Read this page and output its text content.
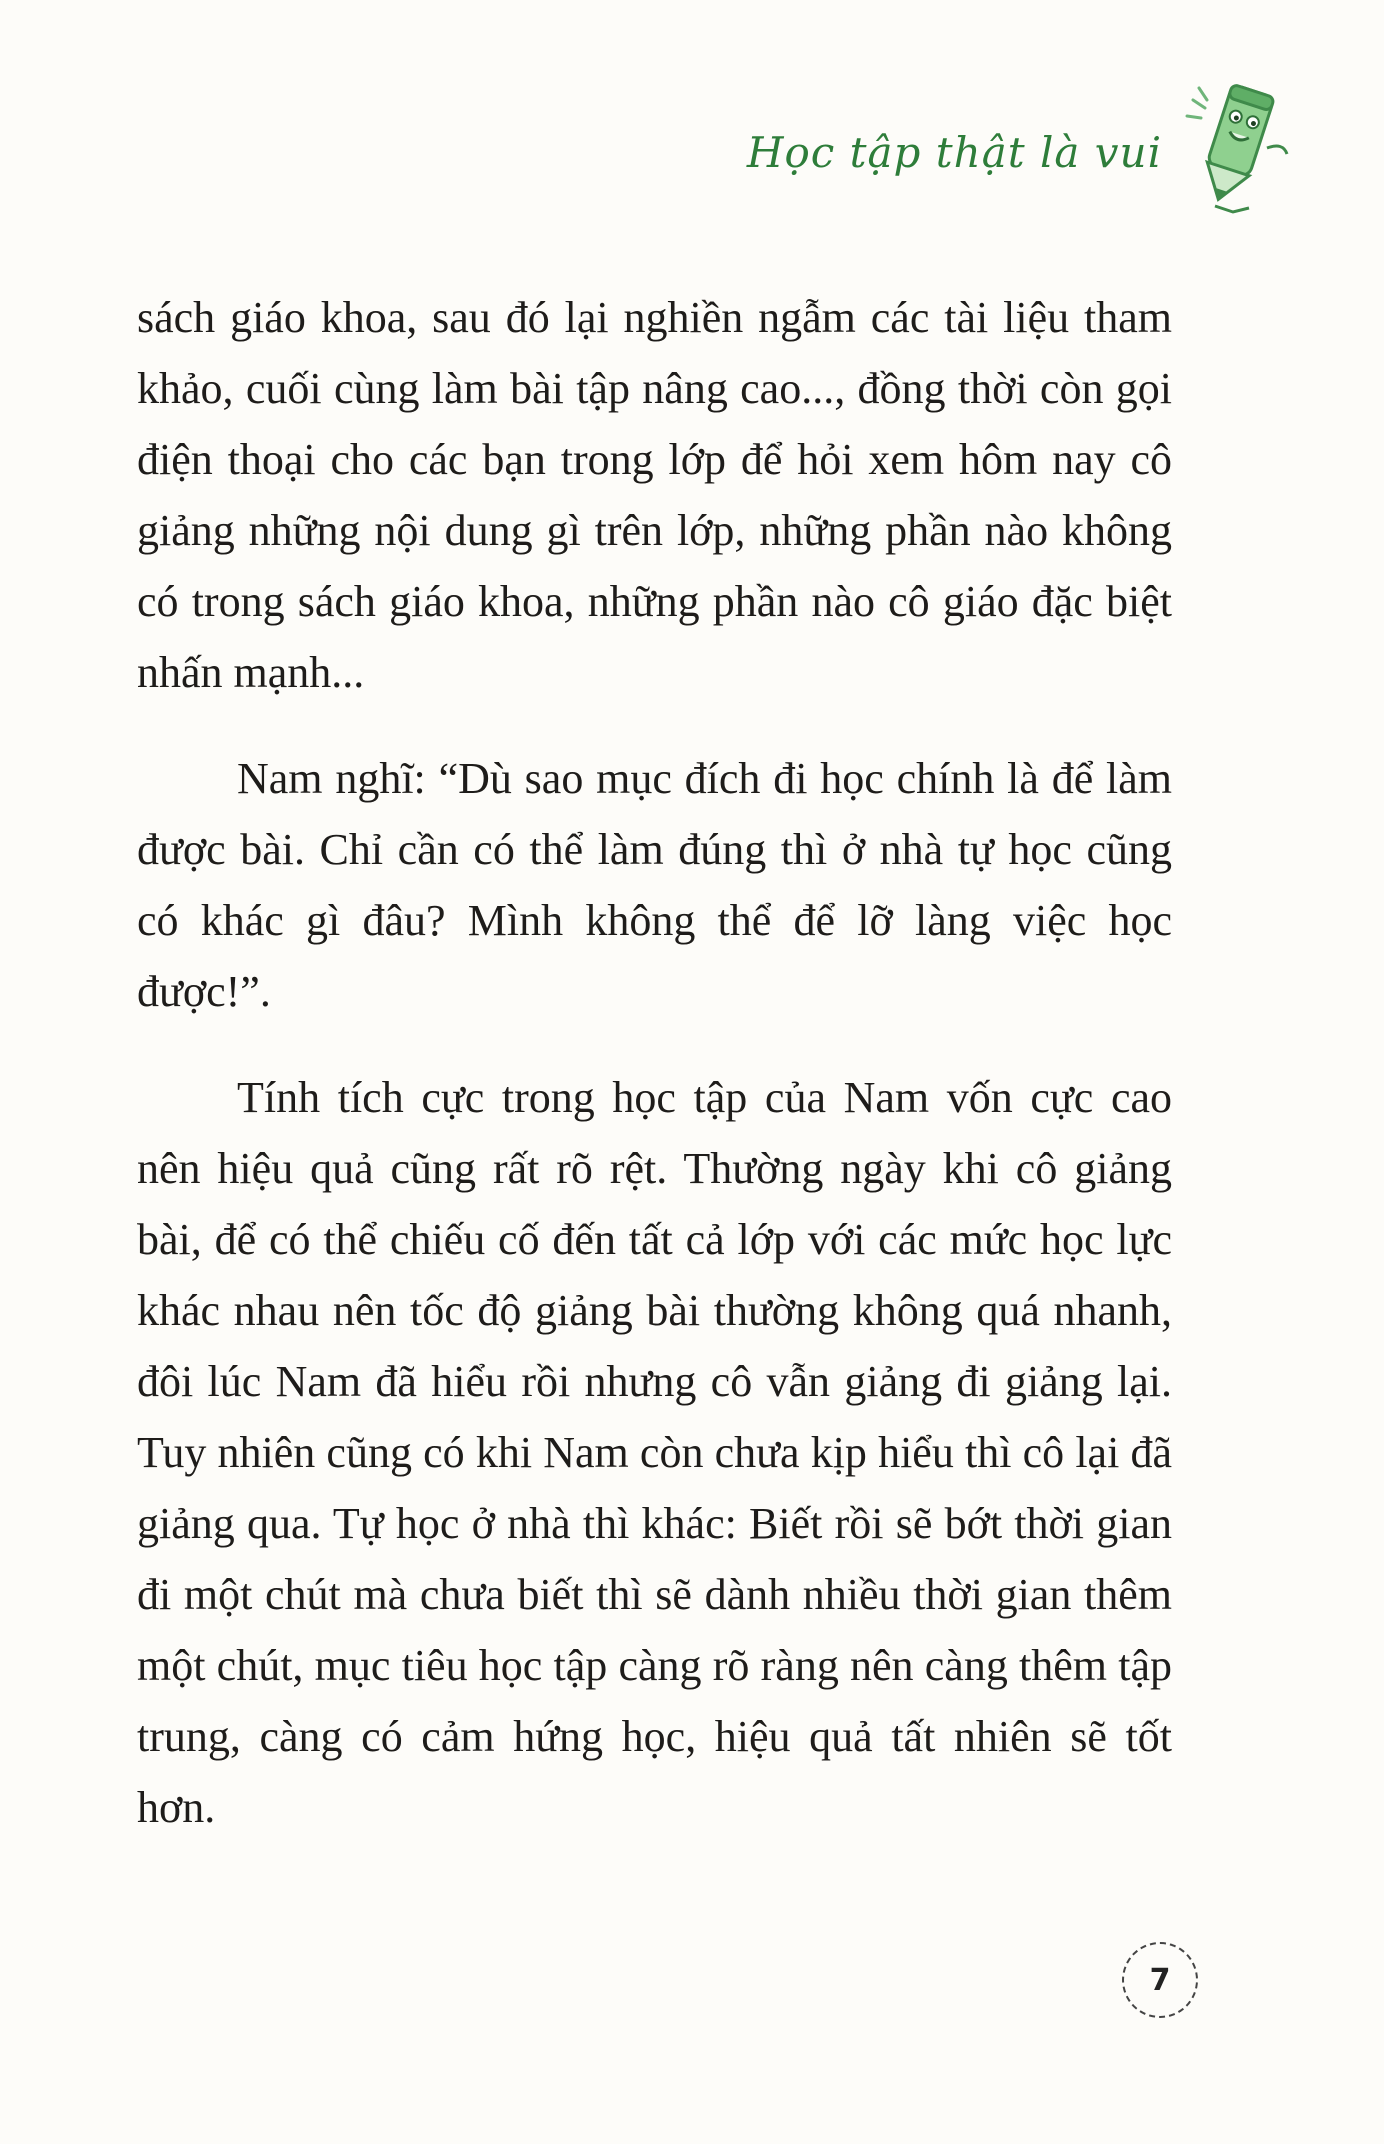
Học tập thật là vui

sách giáo khoa, sau đó lại nghiền ngẫm các tài liệu tham khảo, cuối cùng làm bài tập nâng cao..., đồng thời còn gọi điện thoại cho các bạn trong lớp để hỏi xem hôm nay cô giảng những nội dung gì trên lớp, những phần nào không có trong sách giáo khoa, những phần nào cô giáo đặc biệt nhấn mạnh...

Nam nghĩ: “Dù sao mục đích đi học chính là để làm được bài. Chỉ cần có thể làm đúng thì ở nhà tự học cũng có khác gì đâu? Mình không thể để lỡ làng việc học được!”.

Tính tích cực trong học tập của Nam vốn cực cao nên hiệu quả cũng rất rõ rệt. Thường ngày khi cô giảng bài, để có thể chiếu cố đến tất cả lớp với các mức học lực khác nhau nên tốc độ giảng bài thường không quá nhanh, đôi lúc Nam đã hiểu rồi nhưng cô vẫn giảng đi giảng lại. Tuy nhiên cũng có khi Nam còn chưa kịp hiểu thì cô lại đã giảng qua. Tự học ở nhà thì khác: Biết rồi sẽ bớt thời gian đi một chút mà chưa biết thì sẽ dành nhiều thời gian thêm một chút, mục tiêu học tập càng rõ ràng nên càng thêm tập trung, càng có cảm hứng học, hiệu quả tất nhiên sẽ tốt hơn.

7
